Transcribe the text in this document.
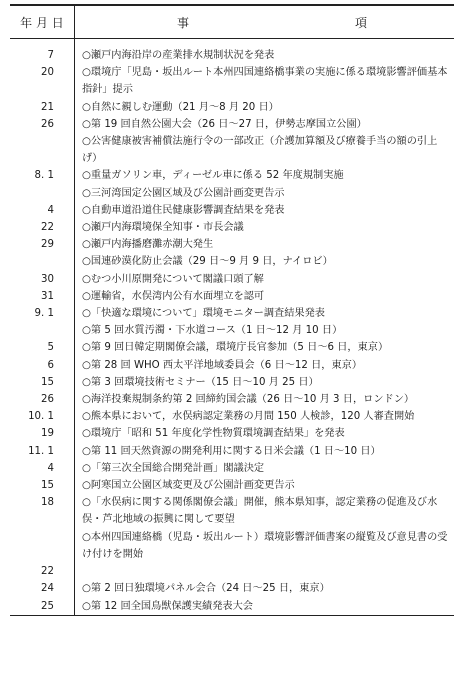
年 月 日	事 項

7	○瀬戸内海沿岸の産業排水規制状況を発表
20	○環境庁「児島・坂出ルート本州四国連絡橋事業の実施に係る環境影響評価基本指針」提示
21	○自然に親しむ運動（21 月～8 月 20 日）
26	○第 19 回自然公園大会（26 日～27 日，伊勢志摩国立公園）
	○公害健康被害補償法施行令の一部改正（介護加算額及び療養手当の額の引上げ）
8. 1	○重量ガソリン車，ディーゼル車に係る 52 年度規制実施
	○三河湾国定公園区域及び公園計画変更告示
4	○自動車道沿道住民健康影響調査結果を発表
22	○瀬戸内海環境保全知事・市長会議
29	○瀬戸内海播磨灘赤潮大発生
	○国連砂漠化防止会議（29 日～9 月 9 日，ナイロビ）
30	○むつ小川原開発について閣議口頭了解
31	○運輸省，水俣湾内公有水面埋立を認可
9. 1	○「快適な環境について」環境モニター調査結果発表
	○第 5 回水質汚濁・下水道コース（1 日～12 月 10 日）
5	○第 9 回日韓定期閣僚会議，環境庁長官参加（5 日～6 日，東京）
6	○第 28 回 WHO 西太平洋地域委員会（6 日～12 日，東京）
15	○第 3 回環境技術セミナー（15 日～10 月 25 日）
26	○海洋投棄規制条約第 2 回締約国会議（26 日～10 月 3 日，ロンドン）
10. 1	○熊本県において，水俣病認定業務の月間 150 人検診，120 人審査開始
19	○環境庁「昭和 51 年度化学性物質環境調査結果」を発表
11. 1	○第 11 回天然資源の開発利用に関する日米会議（1 日～10 日）
4	○「第三次全国総合開発計画」閣議決定
15	○阿寒国立公園区域変更及び公園計画変更告示
18	○「水俣病に関する関係閣僚会議」開催，熊本県知事，認定業務の促進及び水俣・芦北地域の振興に関して要望
	○本州四国連絡橋（児島・坂出ルート）環境影響評価書案の縦覧及び意見書の受け付けを開始
22	
24	○第 2 回日独環境パネル会合（24 日～25 日，東京）
25	○第 12 回全国鳥獣保護実績発表大会
